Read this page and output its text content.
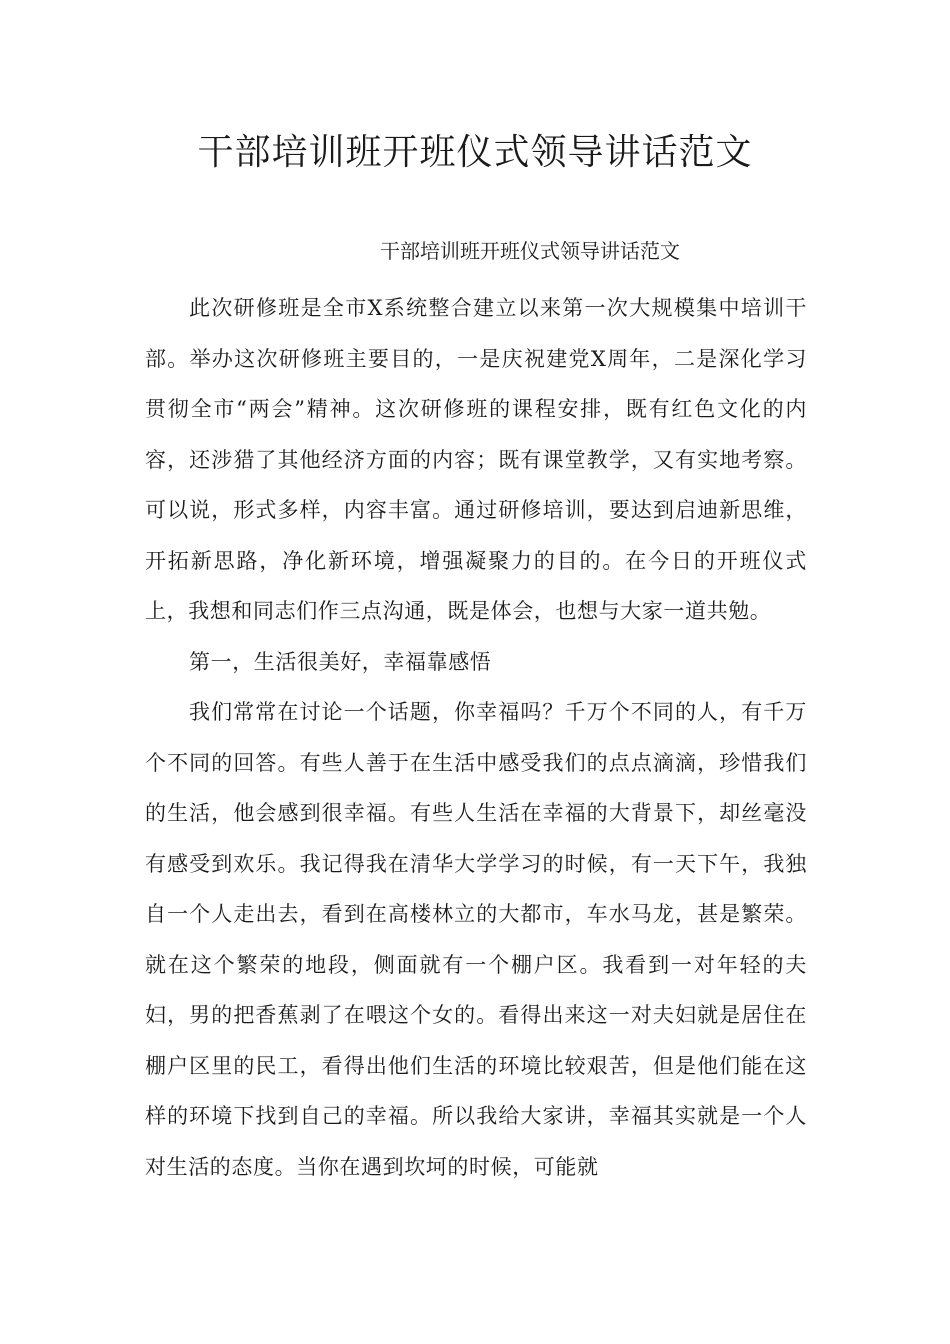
干部培训班开班仪式领导讲话范文

干部培训班开班仪式领导讲话范文

此次研修班是全市X系统整合建立以来第一次大规模集中培训干部。举办这次研修班主要目的，一是庆祝建党X周年，二是深化学习贯彻全市“两会”精神。这次研修班的课程安排，既有红色文化的内容，还涉猎了其他经济方面的内容；既有课堂教学，又有实地考察。可以说，形式多样，内容丰富。通过研修培训，要达到启迪新思维，开拓新思路，净化新环境，增强凝聚力的目的。在今日的开班仪式上，我想和同志们作三点沟通，既是体会，也想与大家一道共勉。

第一，生活很美好，幸福靠感悟

我们常常在讨论一个话题，你幸福吗？千万个不同的人，有千万个不同的回答。有些人善于在生活中感受我们的点点滴滴，珍惜我们的生活，他会感到很幸福。有些人生活在幸福的大背景下，却丝毫没有感受到欢乐。我记得我在清华大学学习的时候，有一天下午，我独自一个人走出去，看到在高楼林立的大都市，车水马龙，甚是繁荣。就在这个繁荣的地段，侧面就有一个棚户区。我看到一对年轻的夫妇，男的把香蕉剥了在喂这个女的。看得出来这一对夫妇就是居住在棚户区里的民工，看得出他们生活的环境比较艰苦，但是他们能在这样的环境下找到自己的幸福。所以我给大家讲，幸福其实就是一个人对生活的态度。当你在遇到坎坷的时候，可能就
